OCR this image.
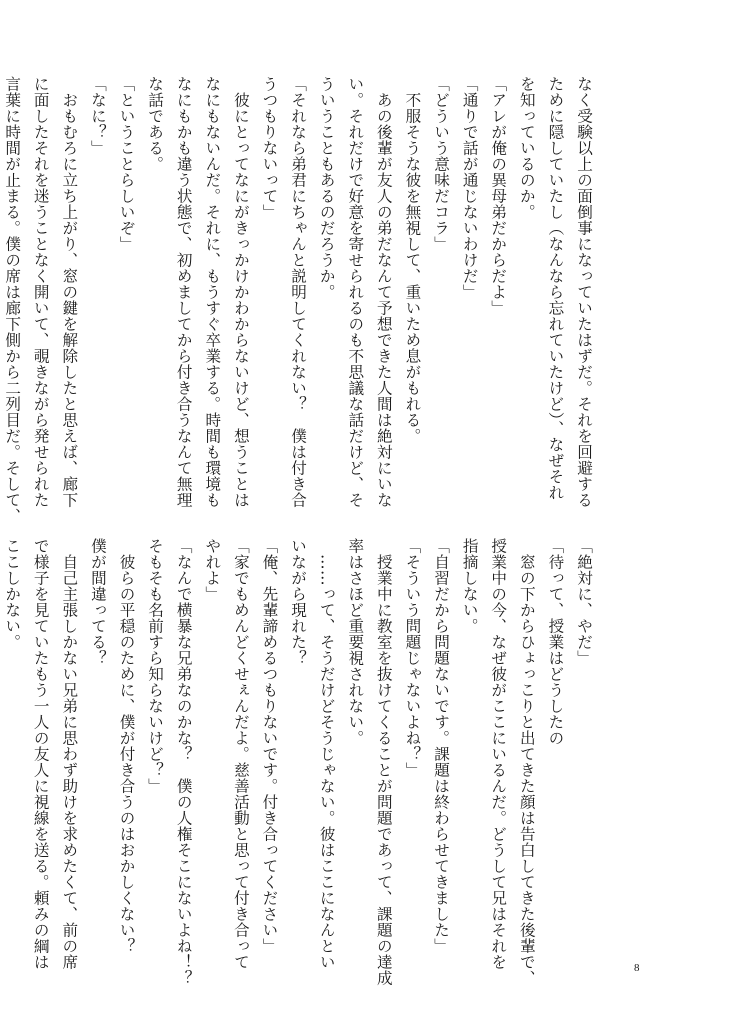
なく受験以上の面倒事になっていたはずだ。それを回避する
ために隠していたし（なんなら忘れていたけど）、なぜそれ
を知っているのか。
「アレが俺の異母弟だからだよ」
「通りで話が通じないわけだ」
「どういう意味だコラ」
　不服そうな彼を無視して、重いため息がもれる。
　あの後輩が友人の弟だなんて予想できた人間は絶対にいな
い。それだけで好意を寄せられるのも不思議な話だけど、そ
ういうこともあるのだろうか。
「それなら弟君にちゃんと説明してくれない？　僕は付き合
うつもりないって」
　彼にとってなにがきっかけかわからないけど、想うことは
なにもないんだ。それに、もうすぐ卒業する。時間も環境も
なにもかも違う状態で、初めましてから付き合うなんて無理
な話である。
「ということらしいぞ」
「なに？」
　おもむろに立ち上がり、窓の鍵を解除したと思えば、廊下
に面したそれを迷うことなく開いて、覗きながら発せられた
言葉に時間が止まる。僕の席は廊下側から二列目だ。そして、
「絶対に、やだ」
「待って、授業はどうしたの
　窓の下からひょっこりと出てきた顔は告白してきた後輩で、
授業中の今、なぜ彼がここにいるんだ。どうして兄はそれを
指摘しない。
「自習だから問題ないです。課題は終わらせてきました」
「そういう問題じゃないよね？」
　授業中に教室を抜けてくることが問題であって、課題の達成
率はさほど重要視されない。
　……って、そうだけどそうじゃない。彼はここになんとい
いながら現れた？
「俺、先輩諦めるつもりないです。付き合ってください」
「家でもめんどくせぇんだよ。慈善活動と思って付き合って
やれよ」
「なんで横暴な兄弟なのかな？　僕の人権そこにないよね！？
そもそも名前すら知らないけど？」
　彼らの平穏のために、僕が付き合うのはおかしくない？
僕が間違ってる？
　自己主張しかない兄弟に思わず助けを求めたくて、前の席
で様子を見ていたもう一人の友人に視線を送る。頼みの綱は
ここしかない。
8
